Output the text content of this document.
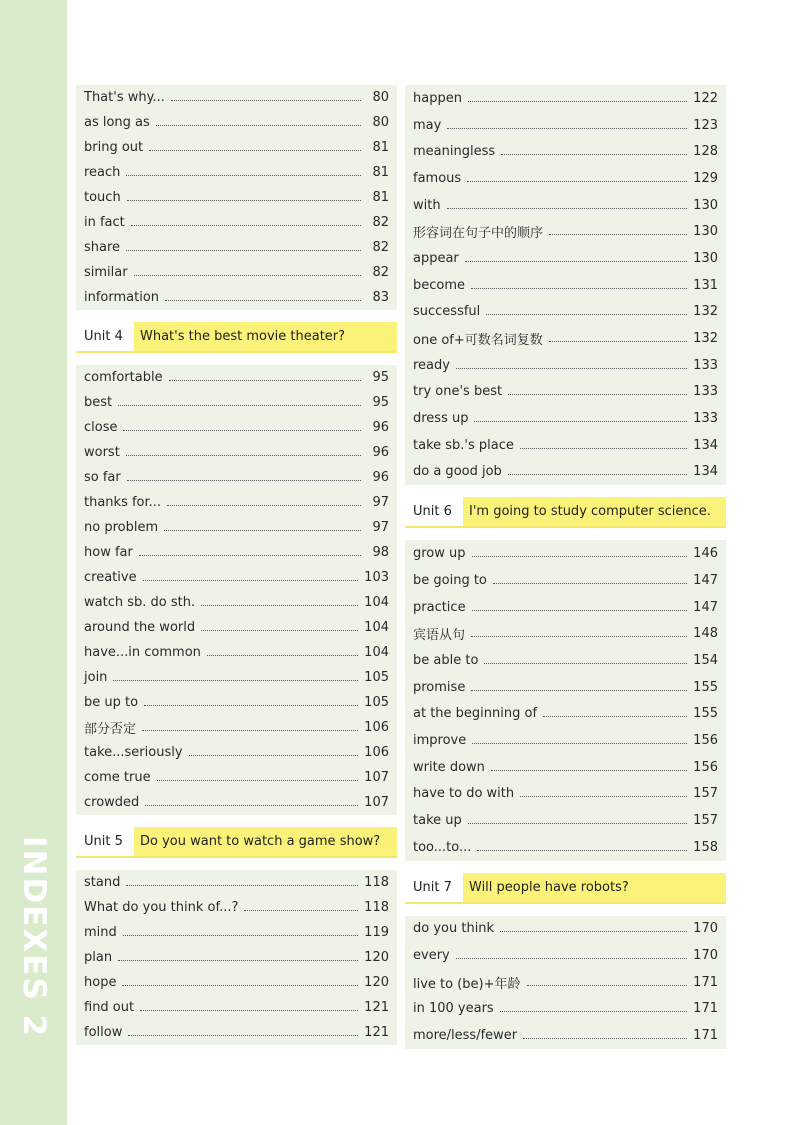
INDEXES 2
That's why...	80
as long as	80
bring out	81
reach	81
touch	81
in fact	82
share	82
similar	82
information	83
Unit 4	What's the best movie theater?
comfortable	95
best	95
close	96
worst	96
so far	96
thanks for...	97
no problem	97
how far	98
creative	103
watch sb. do sth.	104
around the world	104
have...in common	104
join	105
be up to	105
部分否定	106
take...seriously	106
come true	107
crowded	107
Unit 5	Do you want to watch a game show?
stand	118
What do you think of...?	118
mind	119
plan	120
hope	120
find out	121
follow	121
happen	122
may	123
meaningless	128
famous	129
with	130
形容词在句子中的顺序	130
appear	130
become	131
successful	132
one of+可数名词复数	132
ready	133
try one's best	133
dress up	133
take sb.'s place	134
do a good job	134
Unit 6	I'm going to study computer science.
grow up	146
be going to	147
practice	147
宾语从句	148
be able to	154
promise	155
at the beginning of	155
improve	156
write down	156
have to do with	157
take up	157
too...to...	158
Unit 7	Will people have robots?
do you think	170
every	170
live to (be)+年龄	171
in 100 years	171
more/less/fewer	171
